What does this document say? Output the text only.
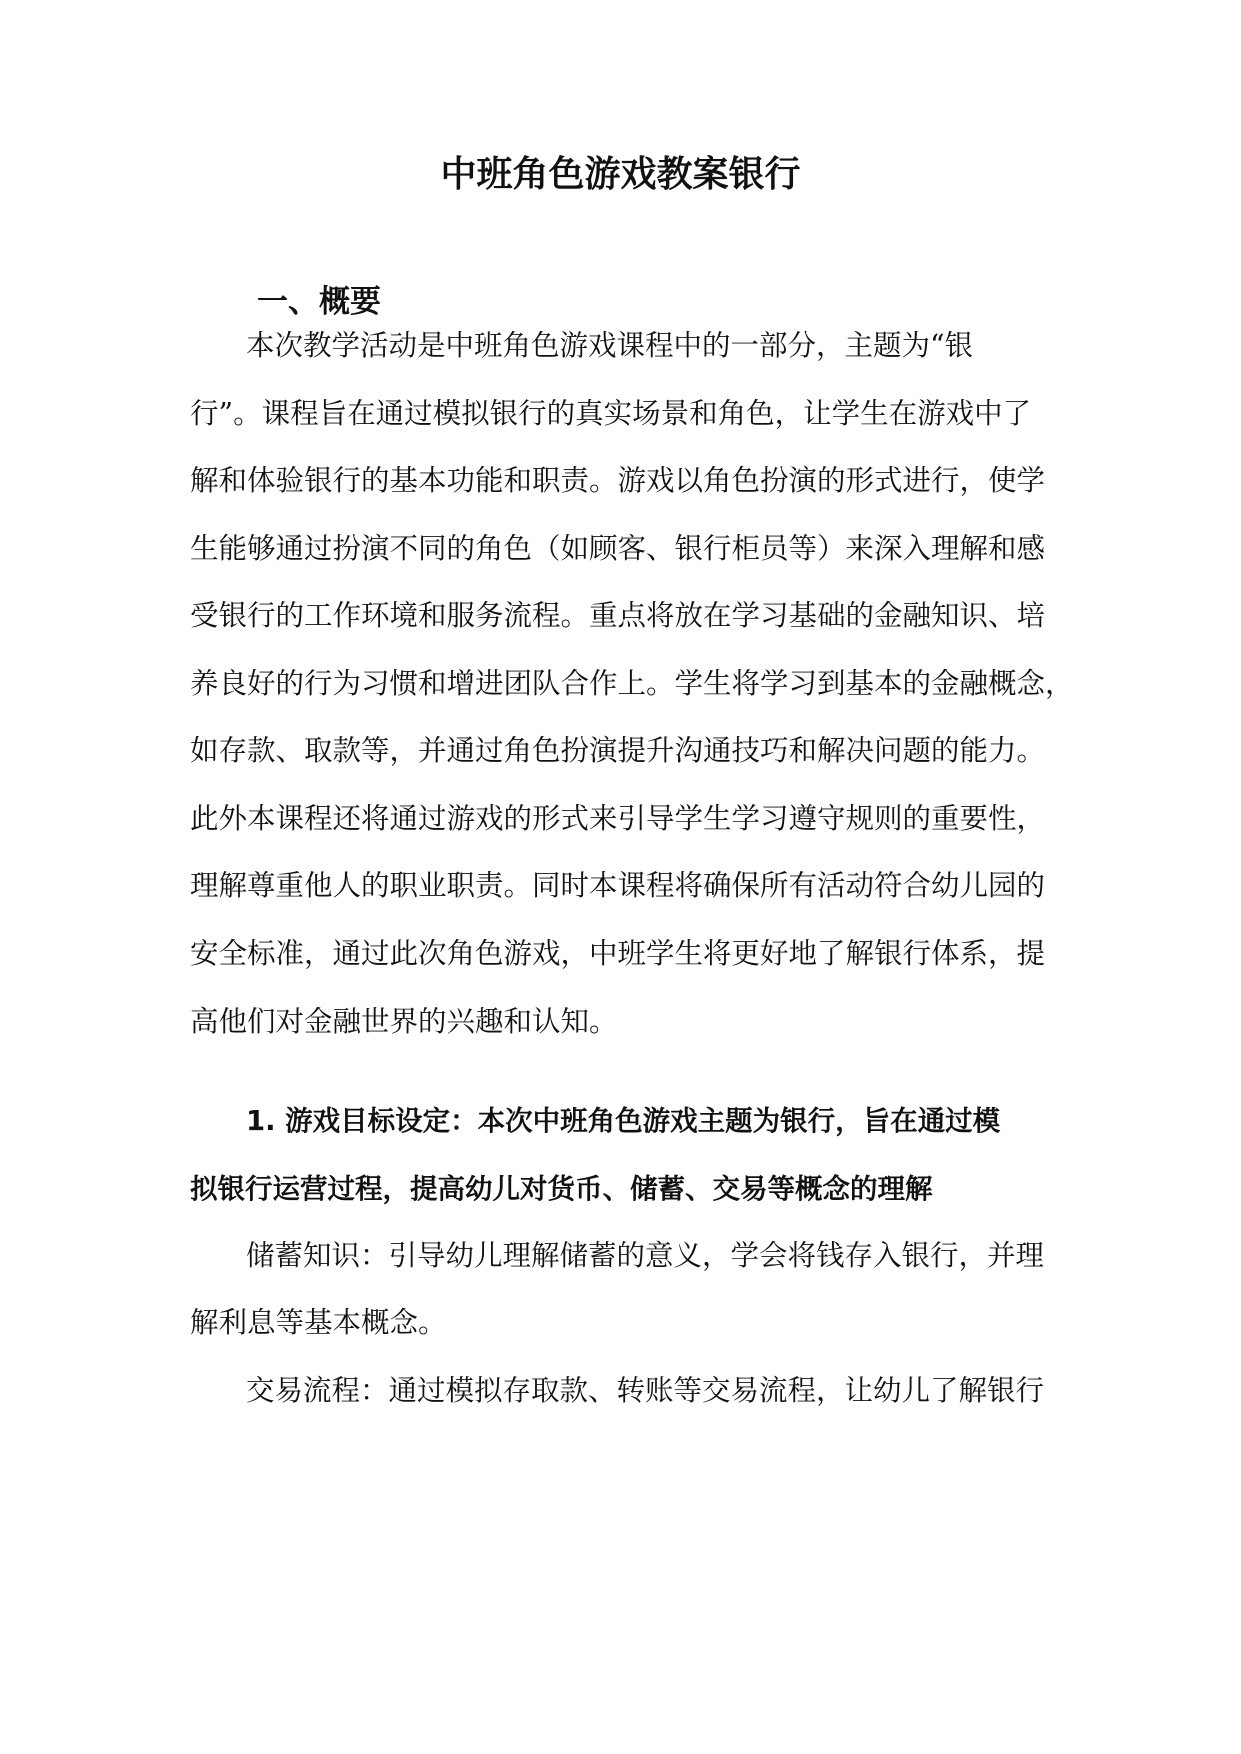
中班角色游戏教案银行
一、概要
本次教学活动是中班角色游戏课程中的一部分，主题为“银
行”。课程旨在通过模拟银行的真实场景和角色，让学生在游戏中了
解和体验银行的基本功能和职责。游戏以角色扮演的形式进行，使学
生能够通过扮演不同的角色（如顾客、银行柜员等）来深入理解和感
受银行的工作环境和服务流程。重点将放在学习基础的金融知识、培
养良好的行为习惯和增进团队合作上。学生将学习到基本的金融概念，
如存款、取款等，并通过角色扮演提升沟通技巧和解决问题的能力。
此外本课程还将通过游戏的形式来引导学生学习遵守规则的重要性，
理解尊重他人的职业职责。同时本课程将确保所有活动符合幼儿园的
安全标准，通过此次角色游戏，中班学生将更好地了解银行体系，提
高他们对金融世界的兴趣和认知。
1. 游戏目标设定：本次中班角色游戏主题为银行，旨在通过模
拟银行运营过程，提高幼儿对货币、储蓄、交易等概念的理解
储蓄知识：引导幼儿理解储蓄的意义，学会将钱存入银行，并理
解利息等基本概念。
交易流程：通过模拟存取款、转账等交易流程，让幼儿了解银行
